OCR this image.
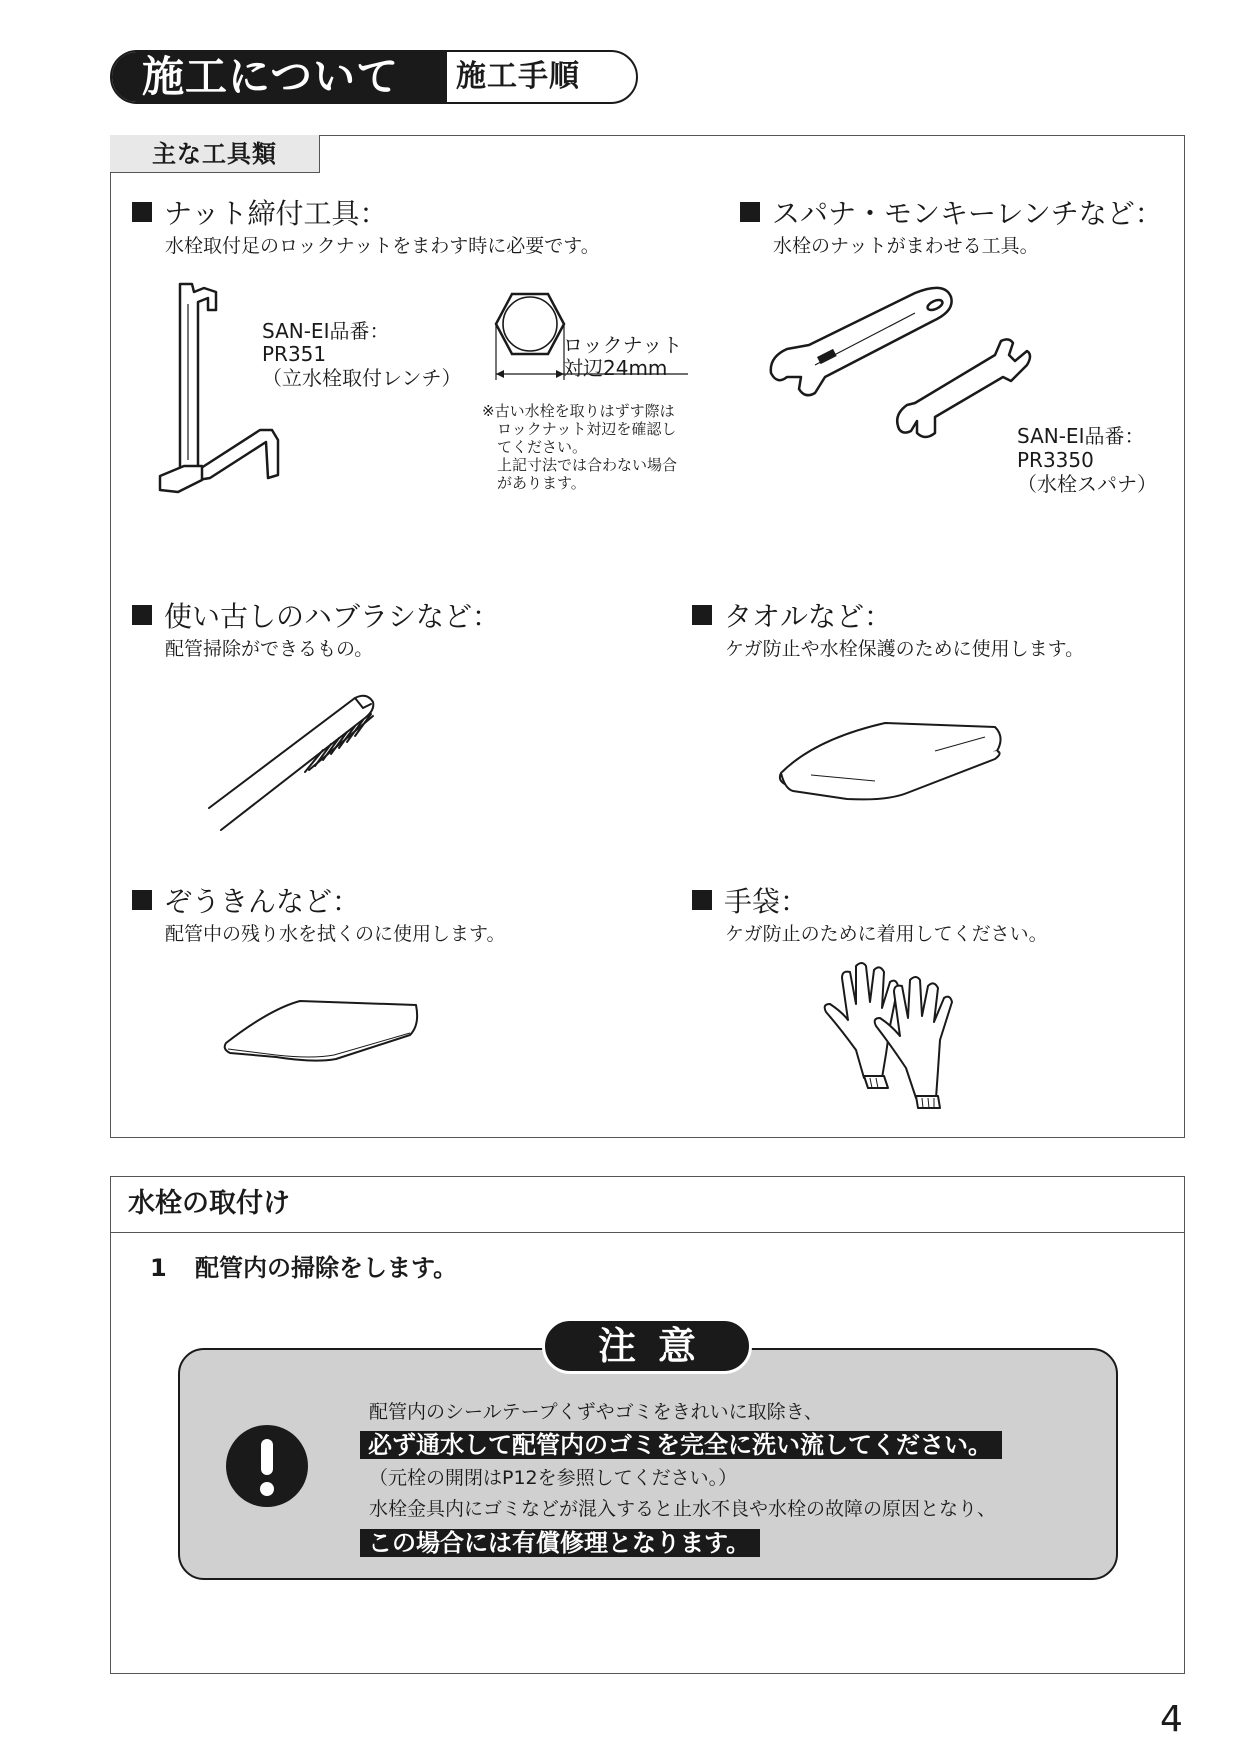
施工について	施工手順
主な工具類
ナット締付工具：
水栓取付足のロックナットをまわす時に必要です。
SAN-EI品番：
PR351
（立水栓取付レンチ）
ロックナット
対辺24mm
※古い水栓を取りはずす際は
ロックナット対辺を確認し
てください。
上記寸法では合わない場合
があります。
スパナ・モンキーレンチなど：
水栓のナットがまわせる工具。
SAN-EI品番：
PR3350
（水栓スパナ）
使い古しのハブラシなど：
配管掃除ができるもの。
タオルなど：
ケガ防止や水栓保護のために使用します。
ぞうきんなど：
配管中の残り水を拭くのに使用します。
手袋：
ケガ防止のために着用してください。
水栓の取付け
1 配管内の掃除をします。
注意
配管内のシールテープくずやゴミをきれいに取除き、
必ず通水して配管内のゴミを完全に洗い流してください。
（元栓の開閉はP12を参照してください。）
水栓金具内にゴミなどが混入すると止水不良や水栓の故障の原因となり、
この場合には有償修理となります。
4
